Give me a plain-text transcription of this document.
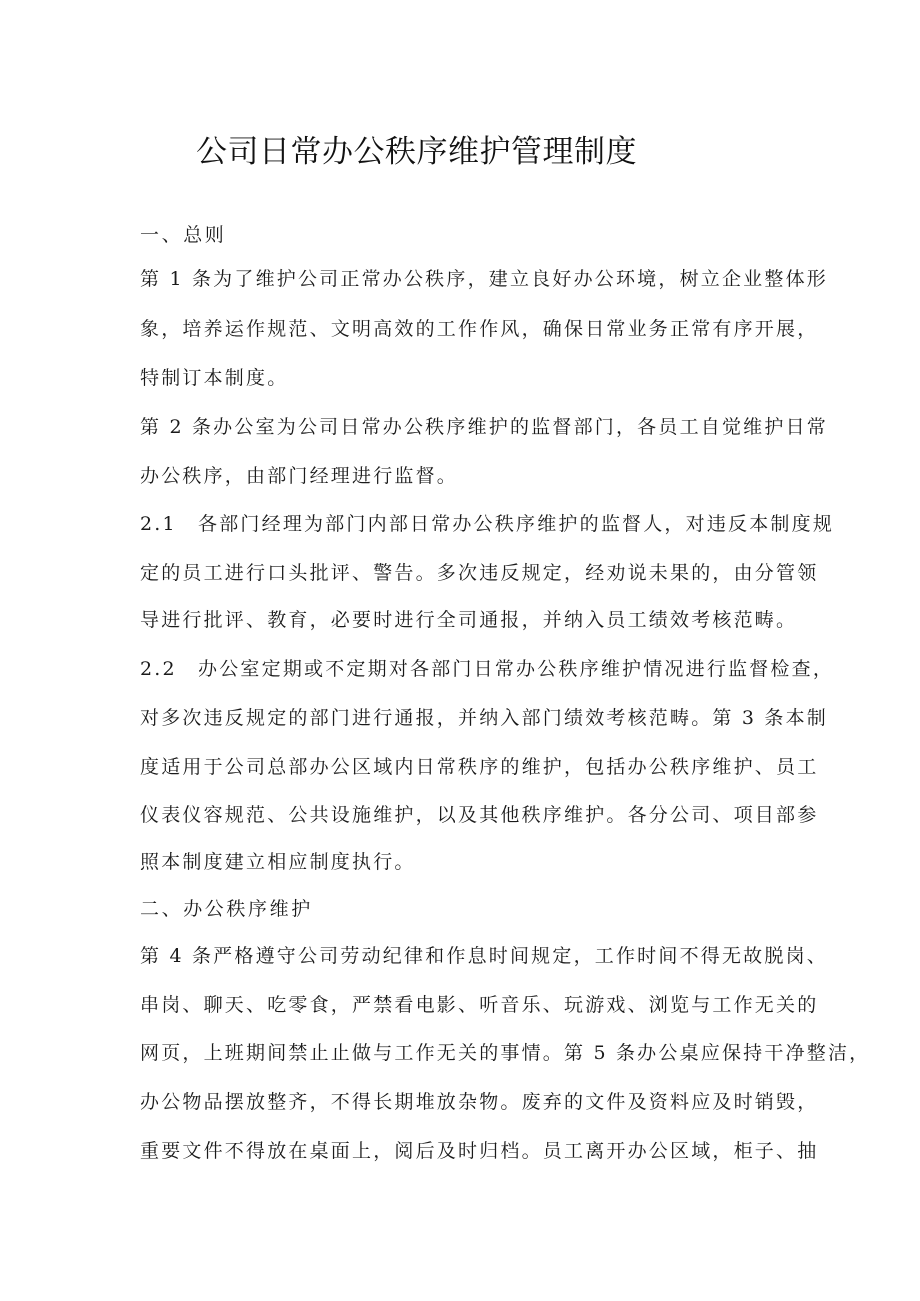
公司日常办公秩序维护管理制度
一、总则
第 1 条为了维护公司正常办公秩序，建立良好办公环境，树立企业整体形
象，培养运作规范、文明高效的工作作风，确保日常业务正常有序开展，
特制订本制度。
第 2 条办公室为公司日常办公秩序维护的监督部门，各员工自觉维护日常
办公秩序，由部门经理进行监督。
2.1　各部门经理为部门内部日常办公秩序维护的监督人，对违反本制度规
定的员工进行口头批评、警告。多次违反规定，经劝说未果的，由分管领
导进行批评、教育，必要时进行全司通报，并纳入员工绩效考核范畴。
2.2　办公室定期或不定期对各部门日常办公秩序维护情况进行监督检查，
对多次违反规定的部门进行通报，并纳入部门绩效考核范畴。第 3 条本制
度适用于公司总部办公区域内日常秩序的维护，包括办公秩序维护、员工
仪表仪容规范、公共设施维护，以及其他秩序维护。各分公司、项目部参
照本制度建立相应制度执行。
二、办公秩序维护
第 4 条严格遵守公司劳动纪律和作息时间规定，工作时间不得无故脱岗、
串岗、聊天、吃零食，严禁看电影、听音乐、玩游戏、浏览与工作无关的
网页，上班期间禁止止做与工作无关的事情。第 5 条办公桌应保持干净整洁，
办公物品摆放整齐，不得长期堆放杂物。废弃的文件及资料应及时销毁，
重要文件不得放在桌面上，阅后及时归档。员工离开办公区域，柜子、抽
